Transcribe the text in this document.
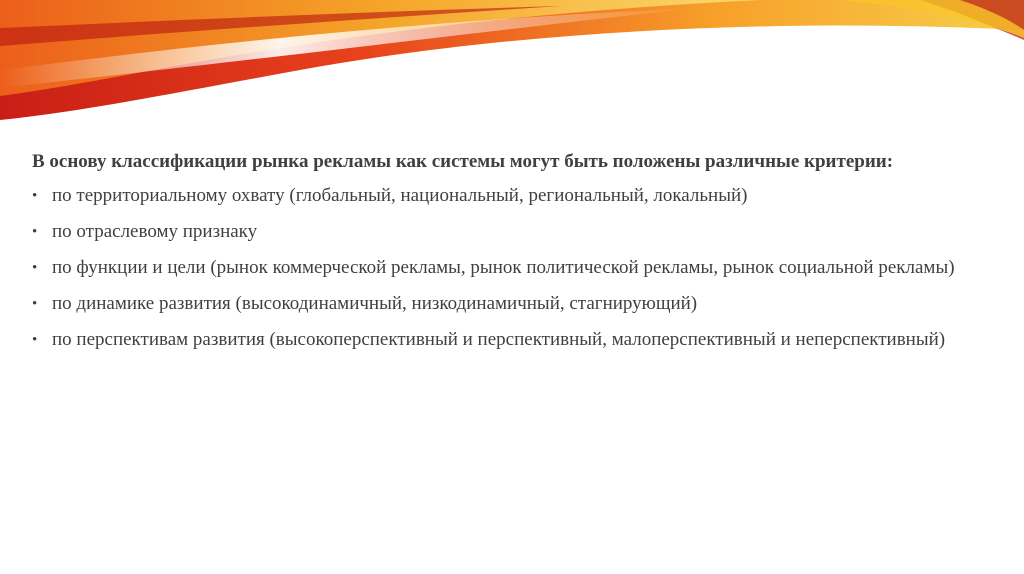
В основу классификации рынка рекламы как системы могут быть положены различные критерии:

• по территориальному охвату (глобальный, национальный, региональный, локальный)
• по отраслевому признаку
• по функции и цели (рынок коммерческой рекламы, рынок политической рекламы, рынок социальной рекламы)
• по динамике развития (высокодинамичный, низкодинамичный, стагнирующий)
• по перспективам развития (высокоперспективный и перспективный, малоперспективный и неперспективный)
